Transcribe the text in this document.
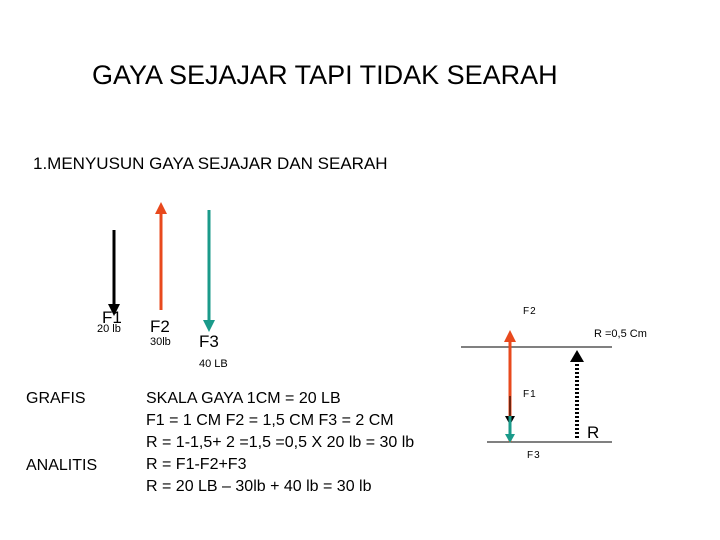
GAYA SEJAJAR TAPI TIDAK SEARAH
1.MENYUSUN GAYA SEJAJAR DAN SEARAH
F1
20 lb F2
30lb F3
40 LB
GRAFIS
ANALITIS
SKALA GAYA 1CM = 20 LB
F1 = 1 CM F2 = 1,5 CM F3 = 2 CM
R = 1-1,5+ 2 =1,5 =0,5 X 20 lb = 30 lb
R = F1-F2+F3
R = 20 LB – 30lb + 40 lb = 30 lb
F2
F1
F3
R =0,5 Cm
R
